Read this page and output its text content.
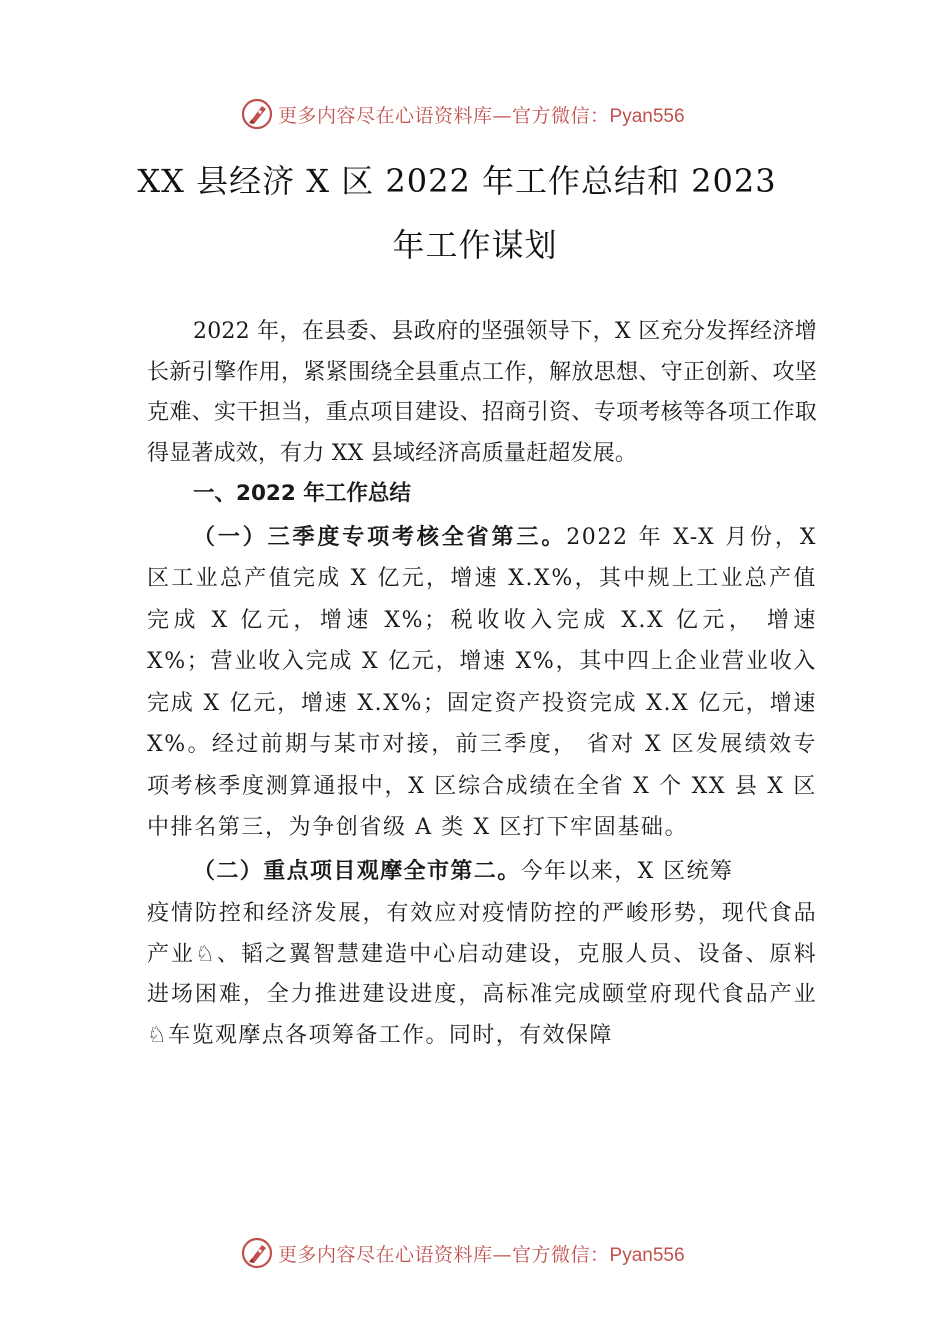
更多内容尽在心语资料库—官方微信：Pyan556
XX 县经济 X 区 2022 年工作总结和 2023
年工作谋划

2022 年，在县委、县政府的坚强领导下，X 区充分发挥经济增长新引擎作用，紧紧围绕全县重点工作，解放思想、守正创新、攻坚克难、实干担当，重点项目建设、招商引资、专项考核等各项工作取得显著成效，有力 XX 县域经济高质量赶超发展。

一、2022 年工作总结

（一）三季度专项考核全省第三。2022 年 X-X 月份，X 区工业总产值完成 X 亿元，增速 X.X%，其中规上工业总产值完成 X 亿元，增速 X%；税收收入完成 X.X 亿元， 增速 X%；营业收入完成 X 亿元，增速 X%，其中四上企业营业收入完成 X 亿元，增速 X.X%；固定资产投资完成 X.X 亿元，增速 X%。经过前期与某市对接，前三季度， 省对 X 区发展绩效专项考核季度测算通报中，X 区综合成绩在全省 X 个 XX 县 X 区中排名第三，为争创省级 A 类 X 区打下牢固基础。

（二）重点项目观摩全市第二。今年以来，X 区统筹

疫情防控和经济发展，有效应对疫情防控的严峻形势，现代食品产业♘、韬之翼智慧建造中心启动建设，克服人员、设备、原料进场困难，全力推进建设进度，高标准完成颐堂府现代食品产业♘车览观摩点各项筹备工作。同时，有效保障

更多内容尽在心语资料库—官方微信：Pyan556
